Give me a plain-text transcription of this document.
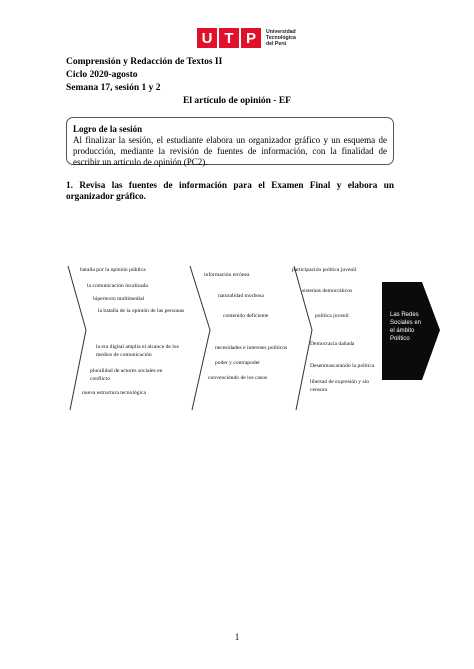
U T P	Universidad
Tecnológica
del Perú
Comprensión y Redacción de Textos II
Ciclo 2020-agosto
Semana 17, sesión 1 y 2
El artículo de opinión - EF
Logro de la sesión
Al finalizar la sesión, el estudiante elabora un organizador gráfico y un esquema de producción, mediante la revisión de fuentes de información, con la finalidad de escribir un artículo de opinión (PC2).
1. Revisa las fuentes de información para el Examen Final y elabora un organizador gráfico.
batalla por la opinión pública
la comunicación localizada
hipertexto multimedial
la batalla de la opinión de las personas
la era digital amplía el alcance de los
medios de comunicación
pluralidad de actores sociales en
conflicto
nueva estructura tecnológica
información errónea
naturalidad morbosa
contenido deficiente
necesidades e intereses políticos
poder y contrapoder
convenciendo de los casos
participación política juvenil
sistemas democráticos
política juvenil
Democracia dañada
Desenmascarando la política
libertad de expresión y sin
censura
Las Redes
Sociales en
el ámbito
Político
1
